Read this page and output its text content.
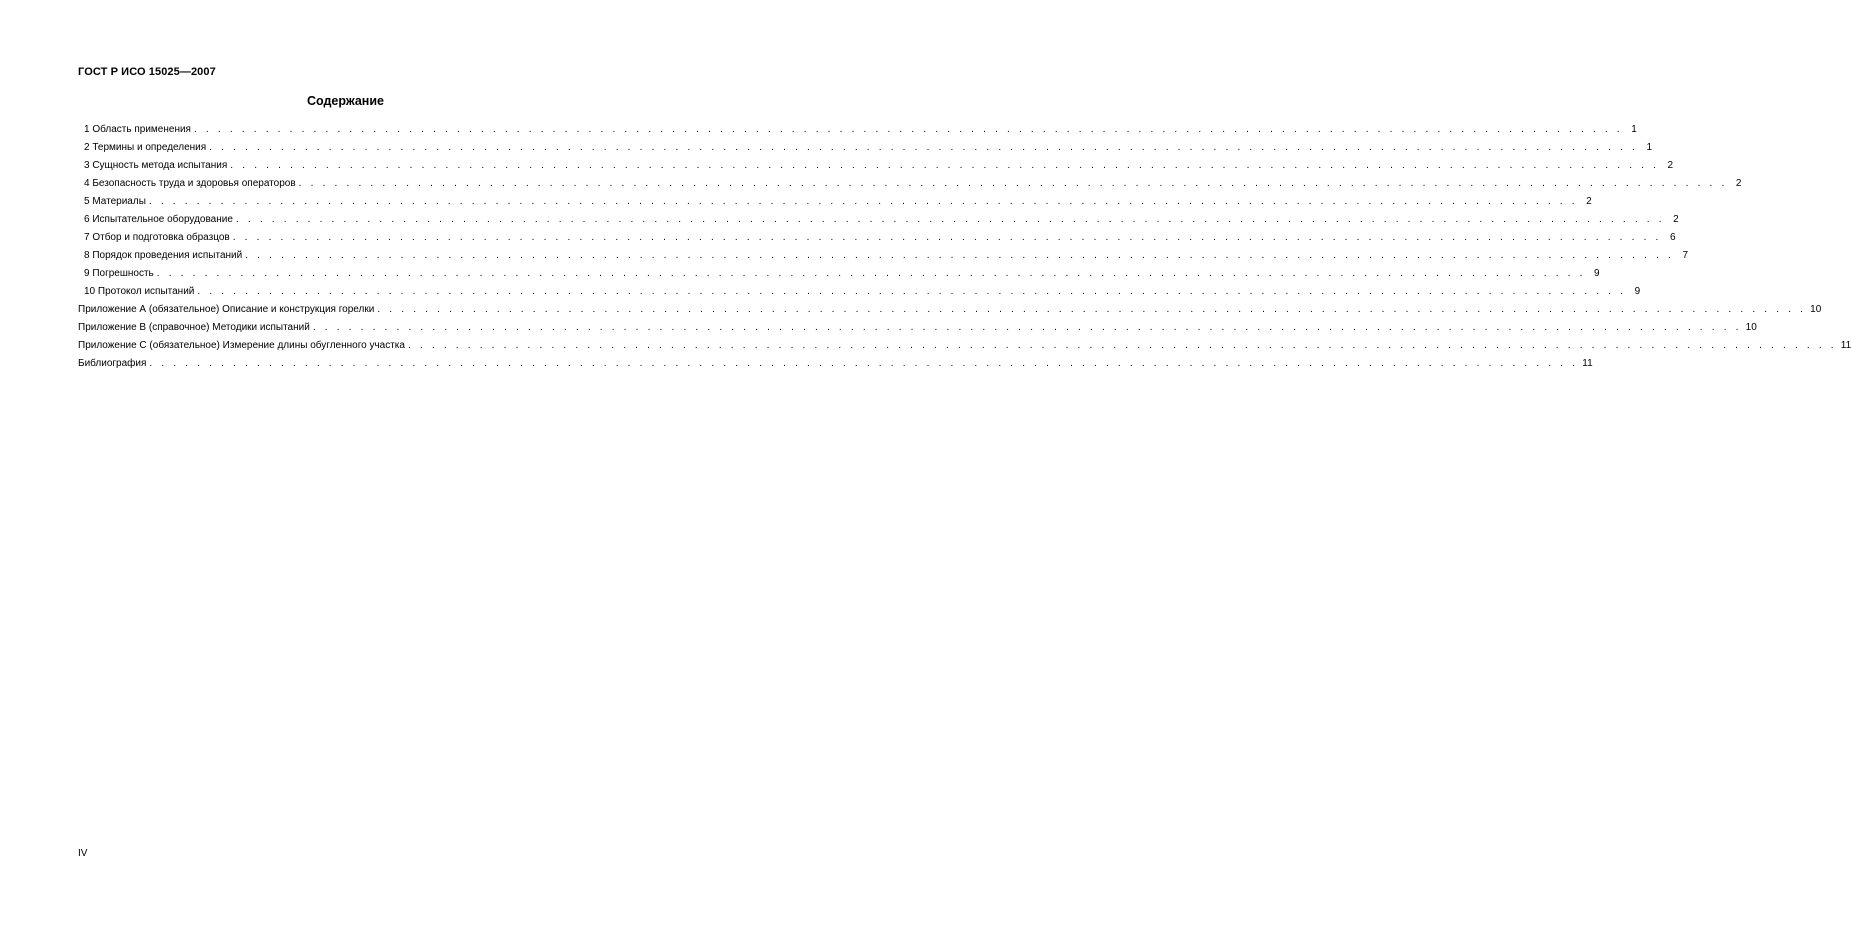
ГОСТ Р ИСО 15025—2007
Содержание
1 Область применения . . . . . . . . . . . . . . . . . . . . . . . . . . . . . . . . . . . . . . . . . . . . . . . . . . . . . . . . . . . . . . . . . . . . . . . . . . . . . . . . . . . . . . . . . . . . . . . . . . . . . . . . . . . . . . . . . . . . . . . . 1
2 Термины и определения . . . . . . . . . . . . . . . . . . . . . . . . . . . . . . . . . . . . . . . . . . . . . . . . . . . . . . . . . . . . . . . . . . . . . . . . . . . . . . . . . . . . . . . . . . . . . . . . . . . . . . . . . . . . . . . . . . . . . . . . 1
3 Сущность метода испытания . . . . . . . . . . . . . . . . . . . . . . . . . . . . . . . . . . . . . . . . . . . . . . . . . . . . . . . . . . . . . . . . . . . . . . . . . . . . . . . . . . . . . . . . . . . . . . . . . . . . . . . . . . . . . . . . . . . . . . . . 2
4 Безопасность труда и здоровья операторов . . . . . . . . . . . . . . . . . . . . . . . . . . . . . . . . . . . . . . . . . . . . . . . . . . . . . . . . . . . . . . . . . . . . . . . . . . . . . . . . . . . . . . . . . . . . . . . . . . . . . . . . . . . . . . . . . . . . . . . . 2
5 Материалы . . . . . . . . . . . . . . . . . . . . . . . . . . . . . . . . . . . . . . . . . . . . . . . . . . . . . . . . . . . . . . . . . . . . . . . . . . . . . . . . . . . . . . . . . . . . . . . . . . . . . . . . . . . . . . . . . . . . . . . . 2
6 Испытательное оборудование . . . . . . . . . . . . . . . . . . . . . . . . . . . . . . . . . . . . . . . . . . . . . . . . . . . . . . . . . . . . . . . . . . . . . . . . . . . . . . . . . . . . . . . . . . . . . . . . . . . . . . . . . . . . . . . . . . . . . . . . 2
7 Отбор и подготовка образцов . . . . . . . . . . . . . . . . . . . . . . . . . . . . . . . . . . . . . . . . . . . . . . . . . . . . . . . . . . . . . . . . . . . . . . . . . . . . . . . . . . . . . . . . . . . . . . . . . . . . . . . . . . . . . . . . . . . . . . . . 6
8 Порядок проведения испытаний . . . . . . . . . . . . . . . . . . . . . . . . . . . . . . . . . . . . . . . . . . . . . . . . . . . . . . . . . . . . . . . . . . . . . . . . . . . . . . . . . . . . . . . . . . . . . . . . . . . . . . . . . . . . . . . . . . . . . . . . 7
9 Погрешность . . . . . . . . . . . . . . . . . . . . . . . . . . . . . . . . . . . . . . . . . . . . . . . . . . . . . . . . . . . . . . . . . . . . . . . . . . . . . . . . . . . . . . . . . . . . . . . . . . . . . . . . . . . . . . . . . . . . . . . . 9
10 Протокол испытаний . . . . . . . . . . . . . . . . . . . . . . . . . . . . . . . . . . . . . . . . . . . . . . . . . . . . . . . . . . . . . . . . . . . . . . . . . . . . . . . . . . . . . . . . . . . . . . . . . . . . . . . . . . . . . . . . . . . . . . . . 9
Приложение А (обязательное) Описание и конструкция горелки . . . . . . . . . . . . . . . . . . . . . . . . . . . . . . . . . . . . . . . . . . . . . . . . . . . . . . . . . . . . . . . . . . . . . . . . . . . . . . . . . . . . . . . . . . . . . . . . . . . . . . . . . . . . . . . . . . . . . . . . 10
Приложение В (справочное) Методики испытаний . . . . . . . . . . . . . . . . . . . . . . . . . . . . . . . . . . . . . . . . . . . . . . . . . . . . . . . . . . . . . . . . . . . . . . . . . . . . . . . . . . . . . . . . . . . . . . . . . . . . . . . . . . . . . . . . . . . . . . . . 10
Приложение С (обязательное) Измерение длины обугленного участка . . . . . . . . . . . . . . . . . . . . . . . . . . . . . . . . . . . . . . . . . . . . . . . . . . . . . . . . . . . . . . . . . . . . . . . . . . . . . . . . . . . . . . . . . . . . . . . . . . . . . . . . . . . . . . . . . . . . . . . . 11
Библиография . . . . . . . . . . . . . . . . . . . . . . . . . . . . . . . . . . . . . . . . . . . . . . . . . . . . . . . . . . . . . . . . . . . . . . . . . . . . . . . . . . . . . . . . . . . . . . . . . . . . . . . . . . . . . . . . . . . . . . . . 11
IV
